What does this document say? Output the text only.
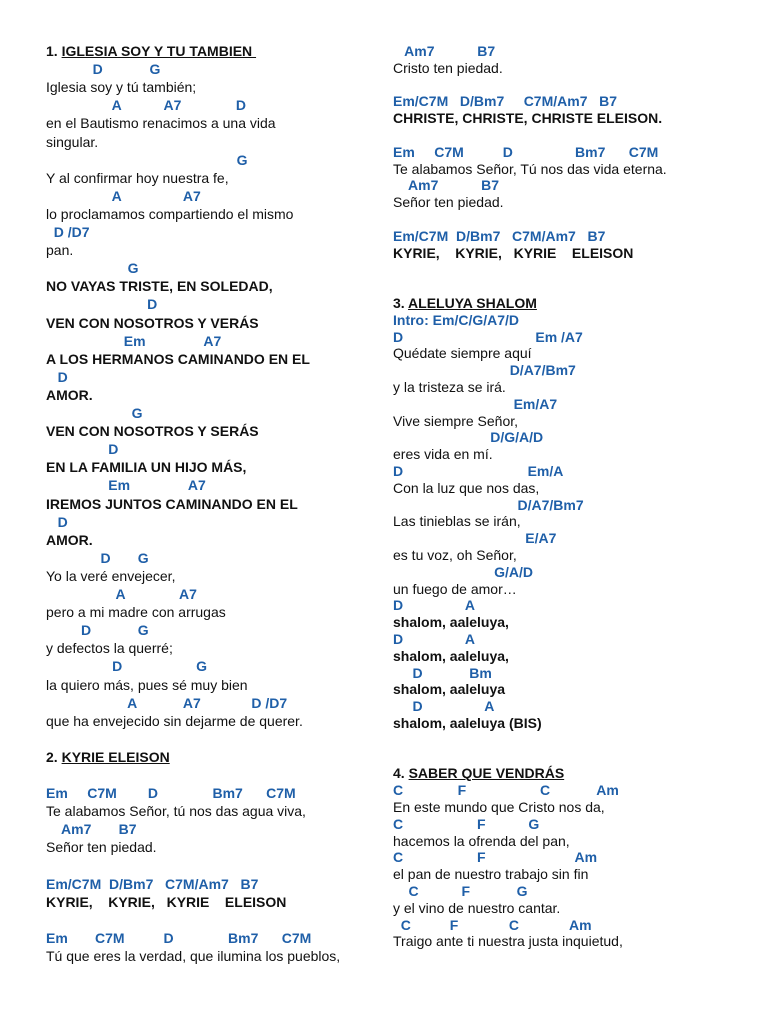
1. IGLESIA SOY Y TU TAMBIEN
D            G
Iglesia soy y tú también;
A           A7              D
en el Bautismo renacimos a una vida
singular.
G
Y al confirmar hoy nuestra fe,
A                A7
lo proclamamos compartiendo el mismo
D /D7
pan.
G
NO VAYAS TRISTE, EN SOLEDAD,
D
VEN CON NOSOTROS Y VERÁS
Em               A7
A LOS HERMANOS CAMINANDO EN EL
D
AMOR.
G
VEN CON NOSOTROS Y SERÁS
D
EN LA FAMILIA UN HIJO MÁS,
Em               A7
IREMOS JUNTOS CAMINANDO EN EL
D
AMOR.
D       G
Yo la veré envejecer,
A              A7
pero a mi madre con arrugas
D            G
y defectos la querré;
D                   G
la quiero más, pues sé muy bien
A            A7             D /D7
que ha envejecido sin dejarme de querer.
2. KYRIE ELEISON
Em     C7M        D              Bm7      C7M
Te alabamos Señor, tú nos das agua viva,
Am7       B7
Señor ten piedad.
Em/C7M  D/Bm7   C7M/Am7   B7
KYRIE,    KYRIE,   KYRIE    ELEISON
Em       C7M          D              Bm7      C7M
Tú que eres la verdad, que ilumina los pueblos,
Am7           B7
Cristo ten piedad.
Em/C7M   D/Bm7     C7M/Am7   B7
CHRISTE, CHRISTE, CHRISTE ELEISON.
Em     C7M          D                Bm7      C7M
Te alabamos Señor, Tú nos das vida eterna.
Am7           B7
Señor ten piedad.
Em/C7M  D/Bm7   C7M/Am7   B7
KYRIE,    KYRIE,   KYRIE    ELEISON
3. ALELUYA SHALOM
Intro: Em/C/G/A7/D
D                                  Em /A7
Quédate siempre aquí
D/A7/Bm7
y la tristeza se irá.
Em/A7
Vive siempre Señor,
D/G/A/D
eres vida en mí.
D                                Em/A
Con la luz que nos das,
D/A7/Bm7
Las tinieblas se irán,
E/A7
es tu voz, oh Señor,
G/A/D
un fuego de amor…
D                A
shalom, aaleluya,
D                A
shalom, aaleluya,
D            Bm
shalom, aaleluya
D                A
shalom, aaleluya (BIS)
4. SABER QUE VENDRÁS
C              F                   C            Am
En este mundo que Cristo nos da,
C                   F           G
hacemos la ofrenda del pan,
C                   F                       Am
el pan de nuestro trabajo sin fin
C           F            G
y el vino de nuestro cantar.
C          F             C             Am
Traigo ante ti nuestra justa inquietud,
